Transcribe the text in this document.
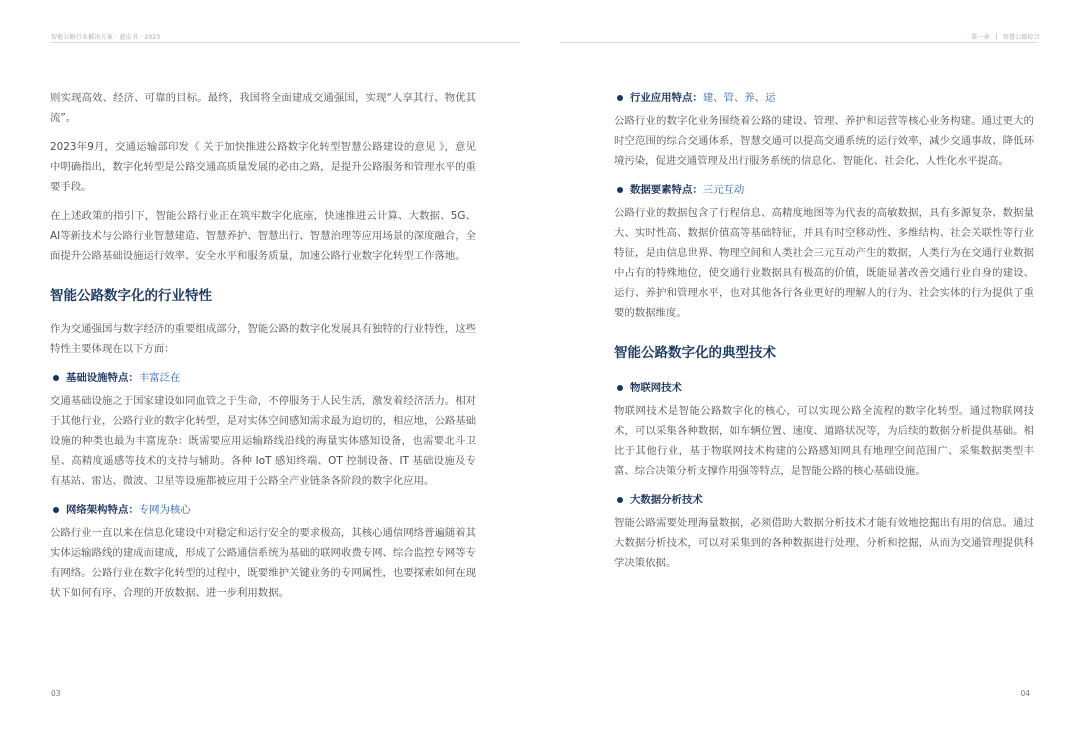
智能公路行业解决方案 · 蓝皮书 · 2023	第一章 智慧公路综合

则实现高效、经济、可靠的目标。最终，我国将全面建成交通强国，实现“人享其行、物优其流”。

2023年9月，交通运输部印发《 关于加快推进公路数字化转型智慧公路建设的意见 》，意见中明确指出，数字化转型是公路交通高质量发展的必由之路，是提升公路服务和管理水平的重要手段。

在上述政策的指引下，智能公路行业正在筑牢数字化底座，快速推进云计算、大数据、5G、AI等新技术与公路行业智慧建造、智慧养护、智慧出行、智慧治理等应用场景的深度融合，全面提升公路基础设施运行效率、安全水平和服务质量，加速公路行业数字化转型工作落地。

智能公路数字化的行业特性

作为交通强国与数字经济的重要组成部分，智能公路的数字化发展具有独特的行业特性，这些特性主要体现在以下方面：

基础设施特点： 丰富泛在

交通基础设施之于国家建设如同血管之于生命，不停服务于人民生活，激发着经济活力。相对于其他行业，公路行业的数字化转型，是对实体空间感知需求最为迫切的，相应地，公路基础设施的种类也最为丰富庞杂：既需要应用运输路线沿线的海量实体感知设备，也需要北斗卫星、高精度遥感等技术的支持与辅助。各种 IoT 感知终端、OT 控制设备、IT 基础设施及专有基站、雷达、微波、卫星等设施都被应用于公路全产业链条各阶段的数字化应用。

网络架构特点： 专网为核心

公路行业一直以来在信息化建设中对稳定和运行安全的要求极高，其核心通信网络普遍随着其实体运输路线的建成而建成，形成了公路通信系统为基础的联网收费专网、综合监控专网等专有网络。公路行业在数字化转型的过程中，既要维护关键业务的专网属性，也要探索如何在现状下如何有序、合理的开放数据、进一步利用数据。

行业应用特点： 建、管、养、运

公路行业的数字化业务围绕着公路的建设、管理、养护和运营等核心业务构建。通过更大的时空范围的综合交通体系，智慧交通可以提高交通系统的运行效率，减少交通事故、降低环境污染，促进交通管理及出行服务系统的信息化、智能化、社会化、人性化水平提高。

数据要素特点： 三元互动

公路行业的数据包含了行程信息、高精度地图等为代表的高敏数据，具有多源复杂、数据量大、实时性高、数据价值高等基础特征，并具有时空移动性、多维结构、社会关联性等行业特征，是由信息世界、物理空间和人类社会三元互动产生的数据，人类行为在交通行业数据中占有的特殊地位，使交通行业数据具有极高的价值，既能显著改善交通行业自身的建设、运行、养护和管理水平，也对其他各行各业更好的理解人的行为、社会实体的行为提供了重要的数据维度。

智能公路数字化的典型技术
物联网技术

物联网技术是智能公路数字化的核心，可以实现公路全流程的数字化转型。通过物联网技术，可以采集各种数据，如车辆位置、速度、道路状况等，为后续的数据分析提供基础。相比于其他行业，基于物联网技术构建的公路感知网具有地理空间范围广、采集数据类型丰富、综合决策分析支撑作用强等特点，是智能公路的核心基础设施。

大数据分析技术

智能公路需要处理海量数据，必须借助大数据分析技术才能有效地挖掘出有用的信息。通过大数据分析技术，可以对采集到的各种数据进行处理、分析和挖掘，从而为交通管理提供科学决策依据。

03	04
